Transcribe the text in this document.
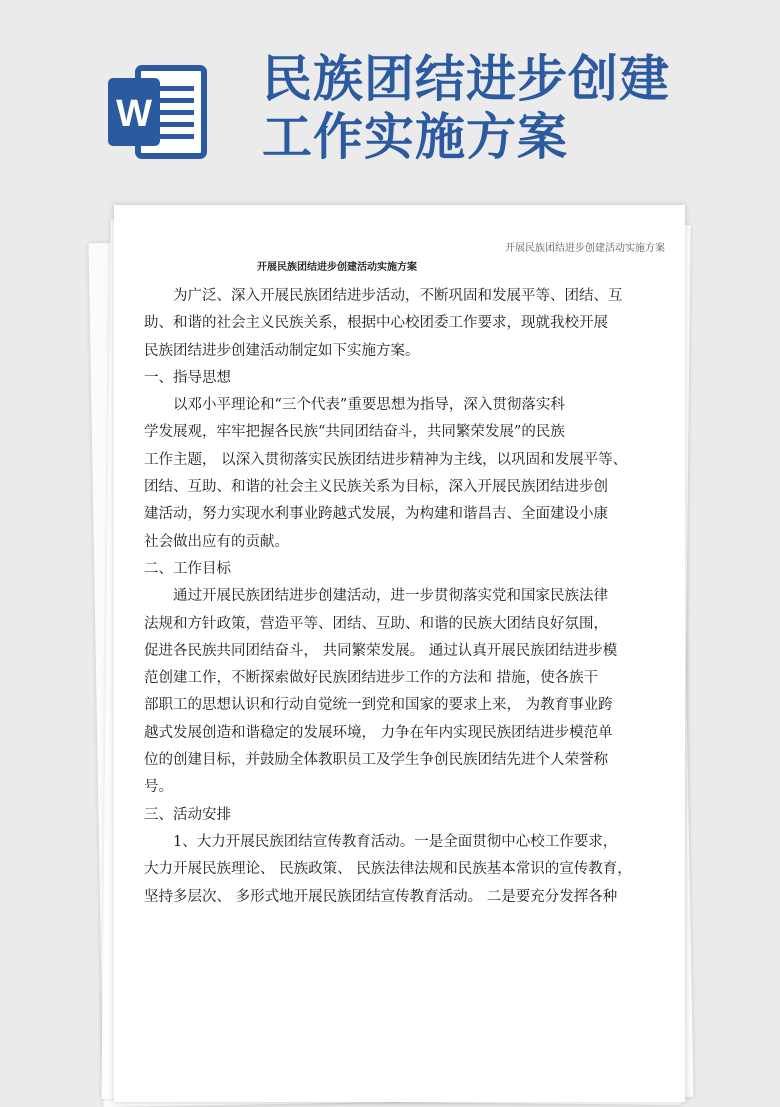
W
民族团结进步创建
工作实施方案
开展民族团结进步创建活动实施方案
开展民族团结进步创建活动实施方案
为广泛、深入开展民族团结进步活动，不断巩固和发展平等、团结、互
助、和谐的社会主义民族关系，根据中心校团委工作要求，现就我校开展
民族团结进步创建活动制定如下实施方案。
一、指导思想
以邓小平理论和“三个代表”重要思想为指导，深入贯彻落实科
学发展观，牢牢把握各民族“共同团结奋斗，共同繁荣发展”的民族
工作主题， 以深入贯彻落实民族团结进步精神为主线，以巩固和发展平等、
团结、互助、和谐的社会主义民族关系为目标，深入开展民族团结进步创
建活动，努力实现水利事业跨越式发展，为构建和谐昌吉、全面建设小康
社会做出应有的贡献。
二、工作目标
通过开展民族团结进步创建活动，进一步贯彻落实党和国家民族法律
法规和方针政策，营造平等、团结、互助、和谐的民族大团结良好氛围，
促进各民族共同团结奋斗， 共同繁荣发展。 通过认真开展民族团结进步模
范创建工作，不断探索做好民族团结进步工作的方法和 措施，使各族干
部职工的思想认识和行动自觉统一到党和国家的要求上来， 为教育事业跨
越式发展创造和谐稳定的发展环境， 力争在年内实现民族团结进步模范单
位的创建目标，并鼓励全体教职员工及学生争创民族团结先进个人荣誉称
号。
三、活动安排
1、大力开展民族团结宣传教育活动。一是全面贯彻中心校工作要求，
大力开展民族理论、 民族政策、 民族法律法规和民族基本常识的宣传教育，
坚持多层次、 多形式地开展民族团结宣传教育活动。 二是要充分发挥各种
